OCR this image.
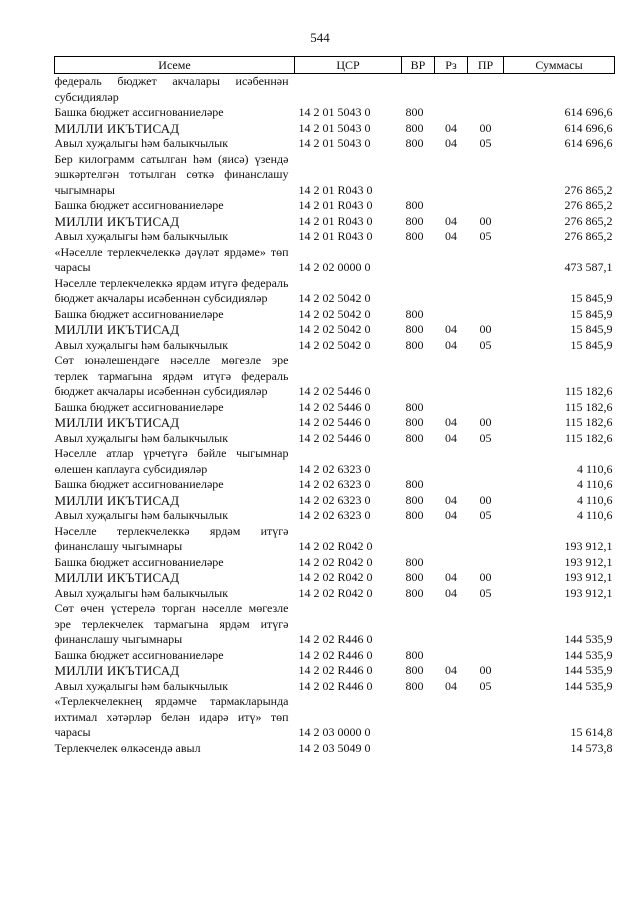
544
Исеме	ЦСР	ВР	Рз	ПР	Суммасы
федераль бюджет акчалары исәбеннән субсидияләр					
Башка бюджет ассигнованиеләре	14 2 01 5043 0	800			614 696,6
МИЛЛИ ИКЪТИСАД	14 2 01 5043 0	800	04	00	614 696,6
Авыл хуҗалыгы һәм балыкчылык	14 2 01 5043 0	800	04	05	614 696,6
Бер килограмм сатылган һәм (яисә) үзендә эшкәртелгән тотылган сөткә финанслашу чыгымнары	14 2 01 R043 0				276 865,2
Башка бюджет ассигнованиеләре	14 2 01 R043 0	800			276 865,2
МИЛЛИ ИКЪТИСАД	14 2 01 R043 0	800	04	00	276 865,2
Авыл хуҗалыгы һәм балыкчылык	14 2 01 R043 0	800	04	05	276 865,2
«Нәселле терлекчелеккә дәүләт ярдәме» төп чарасы	14 2 02 0000 0				473 587,1
Нәселле терлекчелеккә ярдәм итүгә федераль бюджет акчалары исәбеннән субсидияләр	14 2 02 5042 0				15 845,9
Башка бюджет ассигнованиеләре	14 2 02 5042 0	800			15 845,9
МИЛЛИ ИКЪТИСАД	14 2 02 5042 0	800	04	00	15 845,9
Авыл хуҗалыгы һәм балыкчылык	14 2 02 5042 0	800	04	05	15 845,9
Сөт юнәлешендәге нәселле мөгезле эре терлек тармагына ярдәм итүгә федераль бюджет акчалары исәбеннән субсидияләр	14 2 02 5446 0				115 182,6
Башка бюджет ассигнованиеләре	14 2 02 5446 0	800			115 182,6
МИЛЛИ ИКЪТИСАД	14 2 02 5446 0	800	04	00	115 182,6
Авыл хуҗалыгы һәм балыкчылык	14 2 02 5446 0	800	04	05	115 182,6
Нәселле атлар үрчетүгә бәйле чыгымнар өлешен каплауга субсидияләр	14 2 02 6323 0				4 110,6
Башка бюджет ассигнованиеләре	14 2 02 6323 0	800			4 110,6
МИЛЛИ ИКЪТИСАД	14 2 02 6323 0	800	04	00	4 110,6
Авыл хуҗалыгы һәм балыкчылык	14 2 02 6323 0	800	04	05	4 110,6
Нәселле терлекчелеккә ярдәм итүгә финанслашу чыгымнары	14 2 02 R042 0				193 912,1
Башка бюджет ассигнованиеләре	14 2 02 R042 0	800			193 912,1
МИЛЛИ ИКЪТИСАД	14 2 02 R042 0	800	04	00	193 912,1
Авыл хуҗалыгы һәм балыкчылык	14 2 02 R042 0	800	04	05	193 912,1
Сөт өчен үстерелә торган нәселле мөгезле эре терлекчелек тармагына ярдәм итүгә финанслашу чыгымнары	14 2 02 R446 0				144 535,9
Башка бюджет ассигнованиеләре	14 2 02 R446 0	800			144 535,9
МИЛЛИ ИКЪТИСАД	14 2 02 R446 0	800	04	00	144 535,9
Авыл хуҗалыгы һәм балыкчылык	14 2 02 R446 0	800	04	05	144 535,9
«Терлекчелекнең ярдәмче тармакларында ихтимал хәтәрләр белән идарә итү» төп чарасы	14 2 03 0000 0				15 614,8
Терлекчелек өлкәсендә авыл	14 2 03 5049 0				14 573,8
